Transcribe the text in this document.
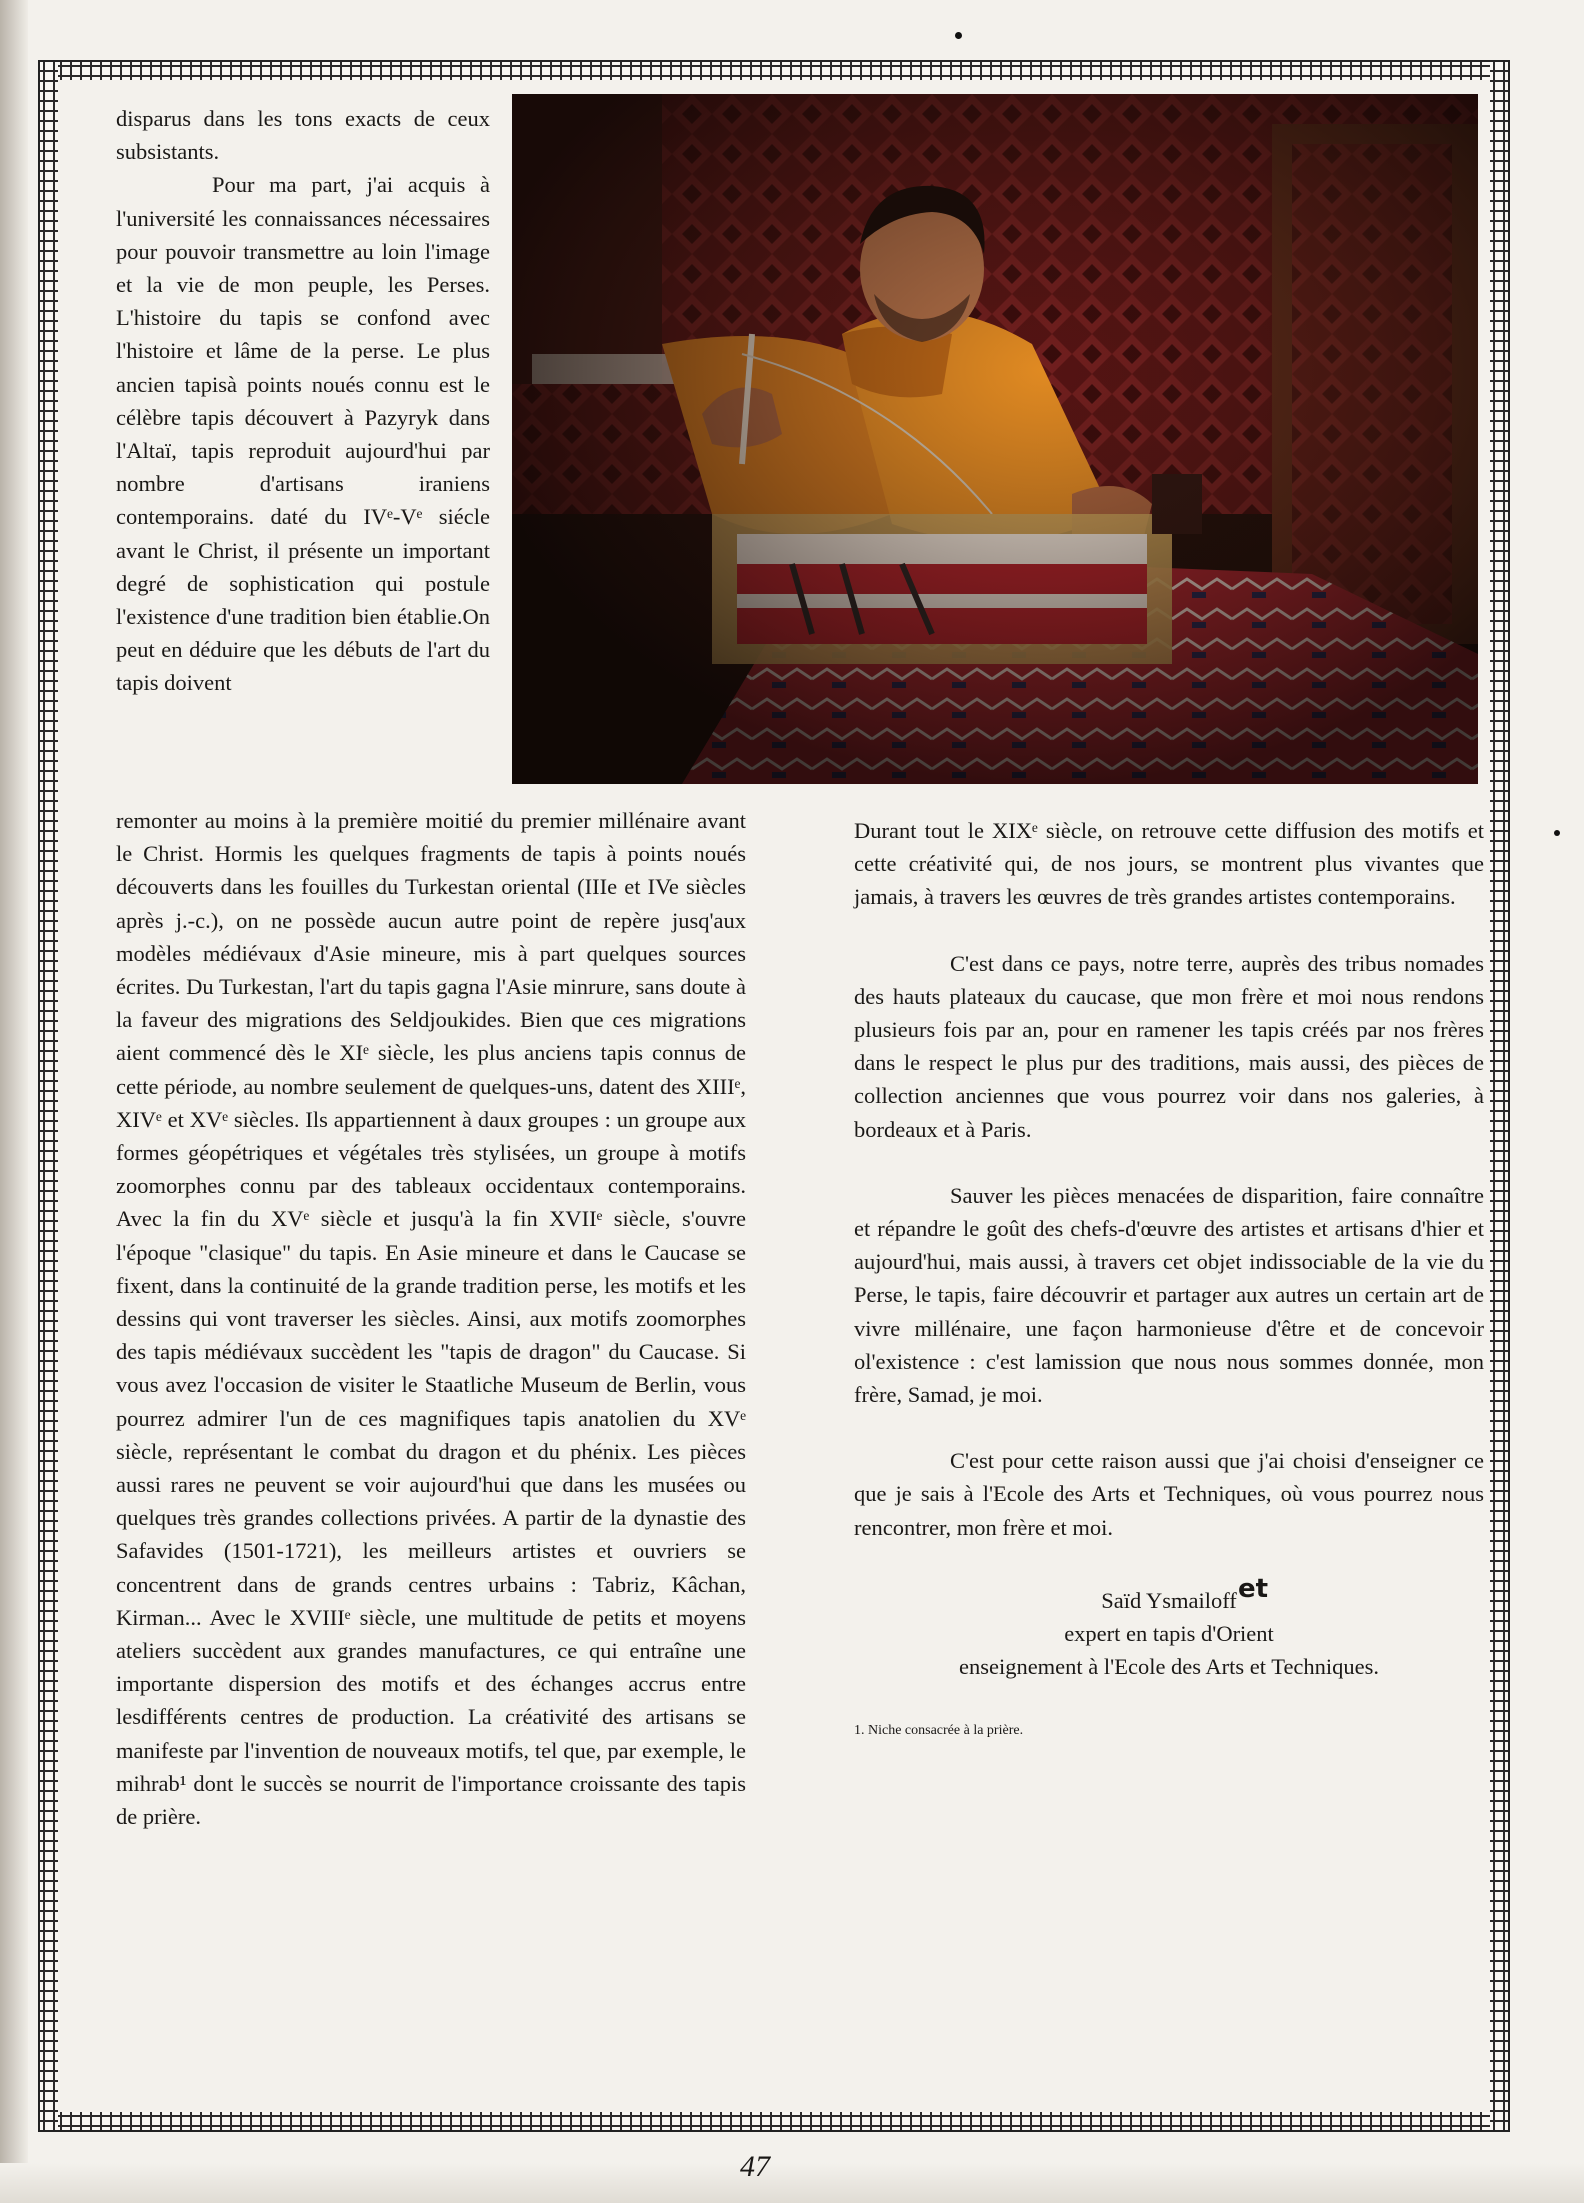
disparus dans les tons exacts de ceux subsistants.

Pour ma part, j'ai acquis à l'université les connaissances nécessaires pour pouvoir transmettre au loin l'image et la vie de mon peuple, les Perses. L'histoire du tapis se confond avec l'histoire et lâme de la perse. Le plus ancien tapisà points noués connu est le célèbre tapis découvert à Pazyryk dans l'Altaï, tapis reproduit aujourd'hui par nombre d'artisans iraniens contemporains. daté du IVᵉ-Vᵉ siécle avant le Christ, il présente un important degré de sophistication qui postule l'existence d'une tradition bien établie.On peut en déduire que les débuts de l'art du tapis doivent

remonter au moins à la première moitié du premier millénaire avant le Christ. Hormis les quelques fragments de tapis à points noués découverts dans les fouilles du Turkestan oriental (IIIe et IVe siècles après j.-c.), on ne possède aucun autre point de repère jusq'aux modèles médiévaux d'Asie mineure, mis à part quelques sources écrites. Du Turkestan, l'art du tapis gagna l'Asie minrure, sans doute à la faveur des migrations des Seldjoukides. Bien que ces migrations aient commencé dès le XIᵉ siècle, les plus anciens tapis connus de cette période, au nombre seulement de quelques-uns, datent des XIIIᵉ, XIVᵉ et XVᵉ siècles. Ils appartiennent à daux groupes : un groupe aux formes géopétriques et végétales très stylisées, un groupe à motifs zoomorphes connu par des tableaux occidentaux contemporains. Avec la fin du XVᵉ siècle et jusqu'à la fin XVIIᵉ siècle, s'ouvre l'époque "clasique" du tapis. En Asie mineure et dans le Caucase se fixent, dans la continuité de la grande tradition perse, les motifs et les dessins qui vont traverser les siècles. Ainsi, aux motifs zoomorphes des tapis médiévaux succèdent les "tapis de dragon" du Caucase. Si vous avez l'occasion de visiter le Staatliche Museum de Berlin, vous pourrez admirer l'un de ces magnifiques tapis anatolien du XVᵉ siècle, représentant le combat du dragon et du phénix. Les pièces aussi rares ne peuvent se voir aujourd'hui que dans les musées ou quelques très grandes collections privées. A partir de la dynastie des Safavides (1501-1721), les meilleurs artistes et ouvriers se concentrent dans de grands centres urbains : Tabriz, Kâchan, Kirman... Avec le XVIIIᵉ siècle, une multitude de petits et moyens ateliers succèdent aux grandes manufactures, ce qui entraîne une importante dispersion des motifs et des échanges accrus entre lesdifférents centres de production. La créativité des artisans se manifeste par l'invention de nouveaux motifs, tel que, par exemple, le mihrab¹ dont le succès se nourrit de l'importance croissante des tapis de prière.

Durant tout le XIXᵉ siècle, on retrouve cette diffusion des motifs et cette créativité qui, de nos jours, se montrent plus vivantes que jamais, à travers les œuvres de très grandes artistes contemporains.

C'est dans ce pays, notre terre, auprès des tribus nomades des hauts plateaux du caucase, que mon frère et moi nous rendons plusieurs fois par an, pour en ramener les tapis créés par nos frères dans le respect le plus pur des traditions, mais aussi, des pièces de collection anciennes que vous pourrez voir dans nos galeries, à bordeaux et à Paris.

Sauver les pièces menacées de disparition, faire connaître et répandre le goût des chefs-d'œuvre des artistes et artisans d'hier et aujourd'hui, mais aussi, à travers cet objet indissociable de la vie du Perse, le tapis, faire découvrir et partager aux autres un certain art de vivre millénaire, une façon harmonieuse d'être et de concevoir ol'existence : c'est lamission que nous nous sommes donnée, mon frère, Samad, je moi.

C'est pour cette raison aussi que j'ai choisi d'enseigner ce que je sais à l'Ecole des Arts et Techniques, où vous pourrez nous rencontrer, mon frère et moi.

Saïd Ysmailoff
expert en tapis d'Orient
enseignement à l'Ecole des Arts et Techniques.
1. Niche consacrée à la prière.
et
47
